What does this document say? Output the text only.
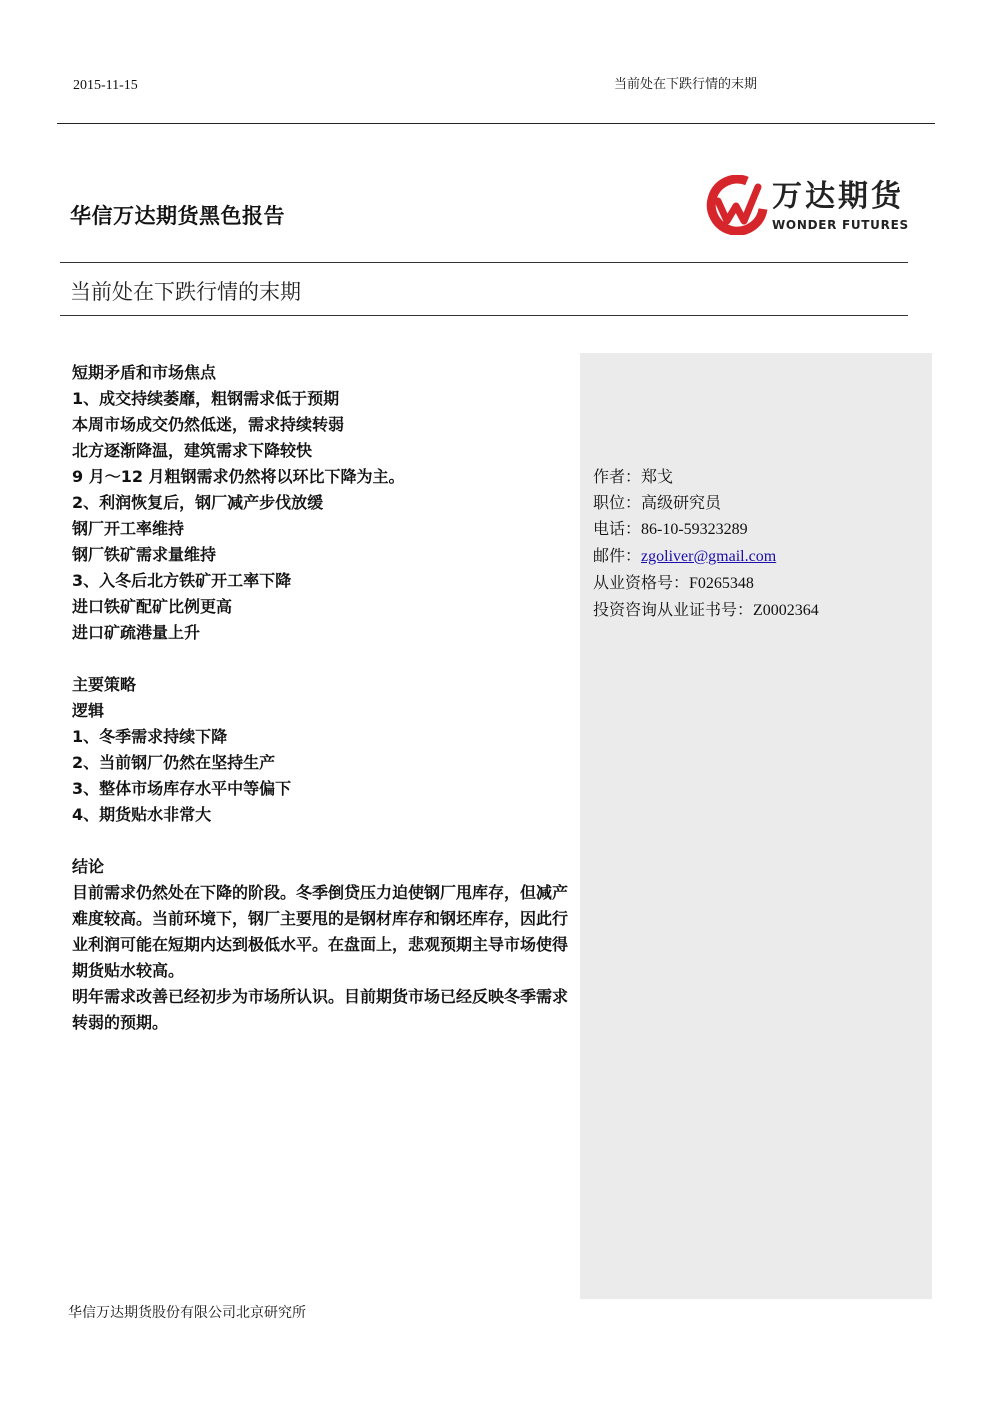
2015-11-15	当前处在下跌行情的末期
华信万达期货黑色报告
万达期货
WONDER FUTURES
当前处在下跌行情的末期
短期矛盾和市场焦点
1、成交持续萎靡，粗钢需求低于预期
本周市场成交仍然低迷，需求持续转弱
北方逐渐降温，建筑需求下降较快
9 月～12 月粗钢需求仍然将以环比下降为主。
2、利润恢复后，钢厂减产步伐放缓
钢厂开工率维持
钢厂铁矿需求量维持
3、入冬后北方铁矿开工率下降
进口铁矿配矿比例更高
进口矿疏港量上升
主要策略
逻辑
1、冬季需求持续下降
2、当前钢厂仍然在坚持生产
3、整体市场库存水平中等偏下
4、期货贴水非常大
结论
目前需求仍然处在下降的阶段。冬季倒贷压力迫使钢厂甩库存，但减产难度较高。当前环境下，钢厂主要甩的是钢材库存和钢坯库存，因此行业利润可能在短期内达到极低水平。在盘面上，悲观预期主导市场使得期货贴水较高。
明年需求改善已经初步为市场所认识。目前期货市场已经反映冬季需求转弱的预期。
作者：郑戈
职位：高级研究员
电话：86-10-59323289
邮件：zgoliver@gmail.com
从业资格号：F0265348
投资咨询从业证书号：Z0002364
华信万达期货股份有限公司北京研究所
